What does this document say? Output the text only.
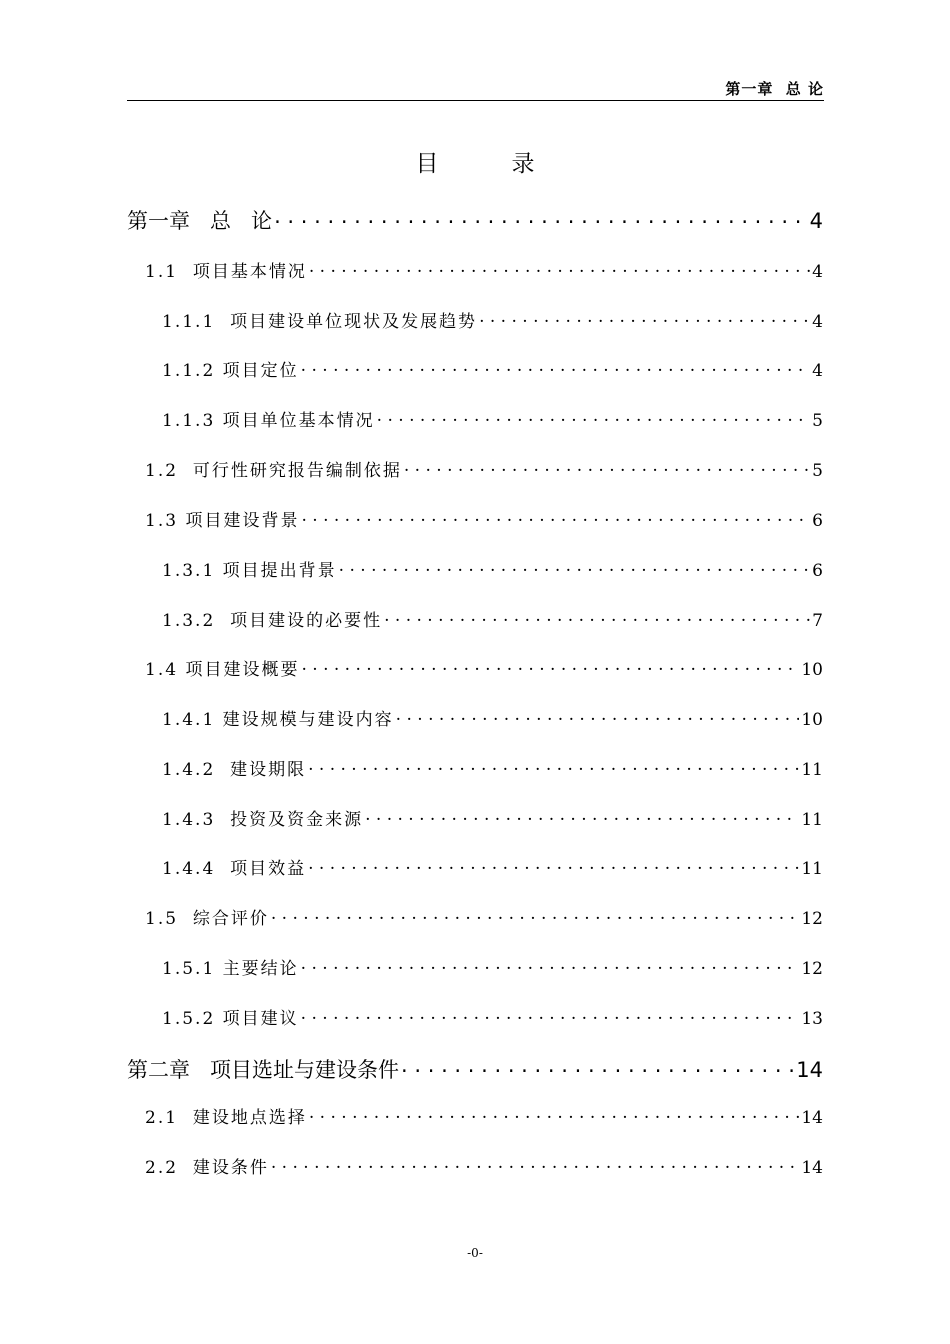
第一章  总 论
目          录
第一章   总   论 . . .	4
1.1  项目基本情况 . . .	4
1.1.1  项目建设单位现状及发展趋势 . . .	4
1.1.2 项目定位 . . .	4
1.1.3 项目单位基本情况 . . .	5
1.2  可行性研究报告编制依据 . . .	5
1.3 项目建设背景 . . .	6
1.3.1 项目提出背景 . . .	6
1.3.2  项目建设的必要性 . . .	7
1.4 项目建设概要 . . .	10
1.4.1 建设规模与建设内容 . . .	10
1.4.2  建设期限 . . .	11
1.4.3  投资及资金来源 . . .	11
1.4.4  项目效益 . . .	11
1.5  综合评价 . . .	12
1.5.1 主要结论 . . .	12
1.5.2 项目建议 . . .	13
第二章   项目选址与建设条件 . . .	14
2.1  建设地点选择 . . .	14
2.2  建设条件 . . .	14
-0-
